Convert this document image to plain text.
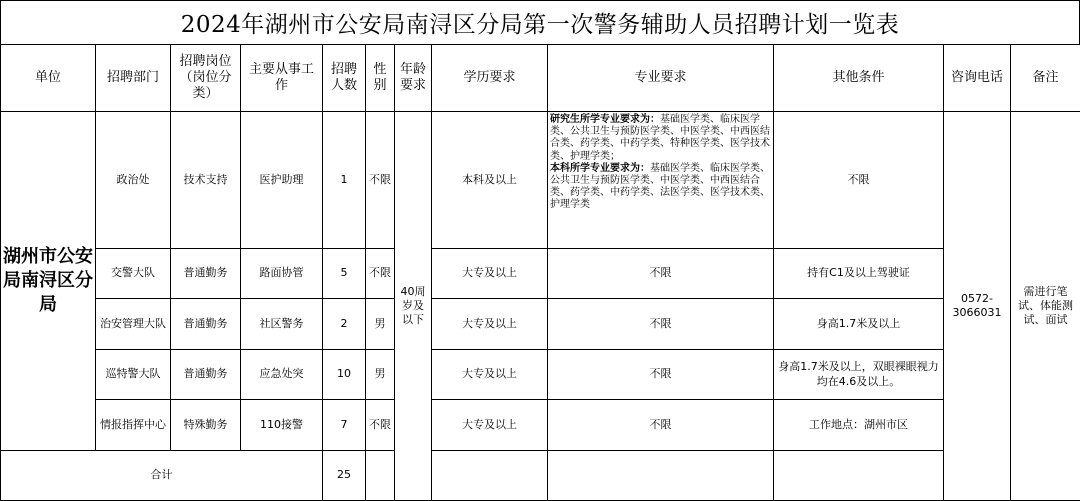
2024年湖州市公安局南浔区分局第一次警务辅助人员招聘计划一览表
单位	招聘部门	招聘岗位（岗位分类）	主要从事工作	招聘人数	性别	年龄要求	学历要求	专业要求	其他条件	咨询电话	备注
湖州市公安局南浔区分局	政治处	技术支持	医护助理	1	不限	40周岁及以下	本科及以上	研究生所学专业要求为：基础医学类、临床医学类、公共卫生与预防医学类、中医学类、中西医结合类、药学类、中药学类、特种医学类、医学技术类、护理学类；
本科所学专业要求为：基础医学类、临床医学类、公共卫生与预防医学类、中医学类、中西医结合类、药学类、中药学类、法医学类、医学技术类、护理学类	不限	0572-3066031	需进行笔试、体能测试、面试
	交警大队	普通勤务	路面协管	5	不限		大专及以上	不限	持有C1及以上驾驶证		
	治安管理大队	普通勤务	社区警务	2	男		大专及以上	不限	身高1.7米及以上		
	巡特警大队	普通勤务	应急处突	10	男		大专及以上	不限	身高1.7米及以上，双眼裸眼视力均在4.6及以上。		
	情报指挥中心	特殊勤务	110接警	7	不限		大专及以上	不限	工作地点：湖州市区		
合计				25							
